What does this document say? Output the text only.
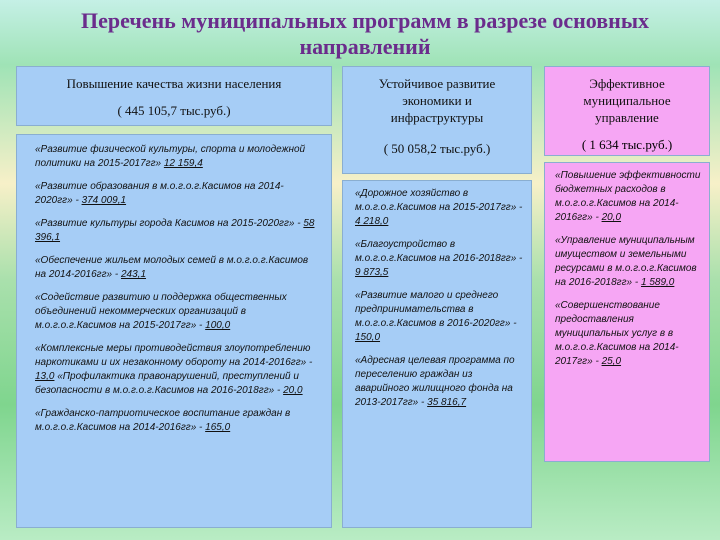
Перечень муниципальных программ в разрезе основных направлений
Повышение качества жизни населения
( 445 105,7 тыс.руб.)
«Развитие физической культуры, спорта и молодежной политики на 2015-2017гг» 12 159,4
«Развитие образования в м.о.г.о.г.Касимов на 2014-2020гг» - 374 009,1
«Развитие культуры города Касимов на 2015-2020гг» - 58 396,1
«Обеспечение жильем молодых семей в м.о.г.о.г.Касимов на 2014-2016гг» - 243,1
«Содействие развитию и поддержка общественных объединений некоммерческих организаций в м.о.г.о.г.Касимов на 2015-2017гг» - 100,0
«Комплексные меры противодействия злоупотреблению наркотиками и их незаконному обороту на 2014-2016гг» - 13,0 «Профилактика правонарушений, преступлений и безопасности в м.о.г.о.г.Касимов на 2016-2018гг» - 20,0
«Гражданско-патриотическое воспитание граждан в м.о.г.о.г.Касимов на 2014-2016гг» - 165,0
Устойчивое развитие экономики и инфраструктуры
( 50 058,2 тыс.руб.)
«Дорожное хозяйство в м.о.г.о.г.Касимов на 2015-2017гг» - 4 218,0
«Благоустройство в м.о.г.о.г.Касимов на 2016-2018гг» - 9 873,5
«Развитие малого и среднего предпринимательства в м.о.г.о.г.Касимов в 2016-2020гг» - 150,0
«Адресная целевая программа по переселению граждан из аварийного жилищного фонда на 2013-2017гг» - 35 816,7
Эффективное муниципальное управление
( 1 634 тыс.руб.)
«Повышение эффективности бюджетных расходов в м.о.г.о.г.Касимов на 2014-2016гг» - 20,0
«Управление муниципальным имуществом и земельными ресурсами в м.о.г.о.г.Касимов на 2016-2018гг» - 1 589,0
«Совершенствование предоставления муниципальных услуг в в м.о.г.о.г.Касимов на 2014-2017гг» - 25,0
